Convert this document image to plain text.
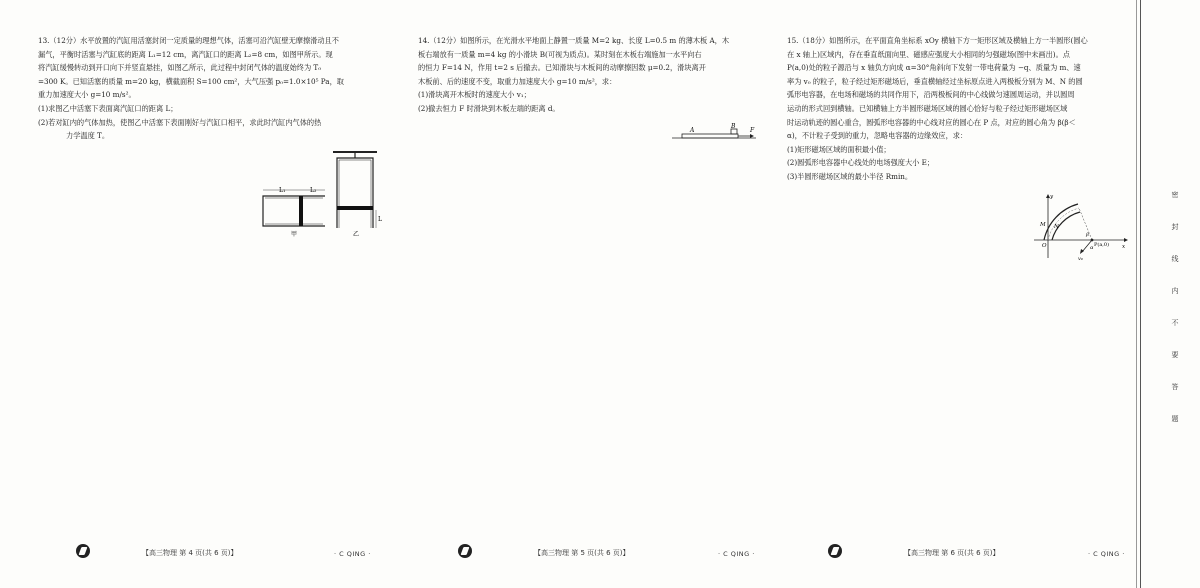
13.（12分）水平放置的汽缸用活塞封闭一定质量的理想气体，活塞可沿汽缸壁无摩擦滑动且不

漏气，平衡时活塞与汽缸底的距离 L₁=12 cm，离汽缸口的距离 L₂=8 cm，如图甲所示。现

将汽缸缓慢转动到开口向下并竖直悬挂，如图乙所示，此过程中封闭气体的温度始终为 T₀

=300 K。已知活塞的质量 m=20 kg，横截面积 S=100 cm²，大气压强 p₀=1.0×10⁵ Pa，取

重力加速度大小 g=10 m/s²。

(1)求图乙中活塞下表面离汽缸口的距离 L；

(2)若对缸内的气体加热，使图乙中活塞下表面刚好与汽缸口相平，求此时汽缸内气体的热

力学温度 T。

L₁	L₂
甲
L
乙

14.（12分）如图所示，在光滑水平地面上静置一质量 M=2 kg、长度 L=0.5 m 的薄木板 A，木

板右端放有一质量 m=4 kg 的小滑块 B(可视为质点)。某时刻在木板右端施加一水平向右

的恒力 F=14 N，作用 t=2 s 后撤去。已知滑块与木板间的动摩擦因数 μ=0.2，滑块离开

木板前、后的速度不变，取重力加速度大小 g=10 m/s²，求：

(1)滑块离开木板时的速度大小 v₁；

(2)撤去恒力 F 时滑块到木板左端的距离 d。

A
B
F

15.（18分）如图所示，在平面直角坐标系 xOy 横轴下方一矩形区域及横轴上方一半圆形(圆心

在 x 轴上)区域内，存在垂直纸面向里、磁感应强度大小相同的匀强磁场(图中未画出)。点

P(a,0)处的粒子源沿与 x 轴负方向成 α=30°角斜向下发射一带电荷量为 −q、质量为 m、速

率为 v₀ 的粒子，粒子经过矩形磁场后，垂直横轴经过坐标原点进入两极板分别为 M、N 的圆

弧形电容器，在电场和磁场的共同作用下，沿两极板间的中心线做匀速圆周运动，并以圆周

运动的形式回到横轴。已知横轴上方半圆形磁场区域的圆心恰好与粒子经过矩形磁场区域

时运动轨迹的圆心重合，圆弧形电容器的中心线对应的圆心在 P 点，对应的圆心角为 β(β＜

α)，不计粒子受到的重力，忽略电容器的边缘效应，求：

(1)矩形磁场区域的面积最小值；

(2)圆弧形电容器中心线处的电场强度大小 E；

(3)半圆形磁场区域的最小半径 Rmin。

y
x
O
M N
β
α P(a,0)
v₀
【高三物理 第 4 页(共 6 页)】	· C QING ·	【高三物理 第 5 页(共 6 页)】	· C QING ·	【高三物理 第 6 页(共 6 页)】	· C QING ·
密
封
线
内
不
要
答
题
